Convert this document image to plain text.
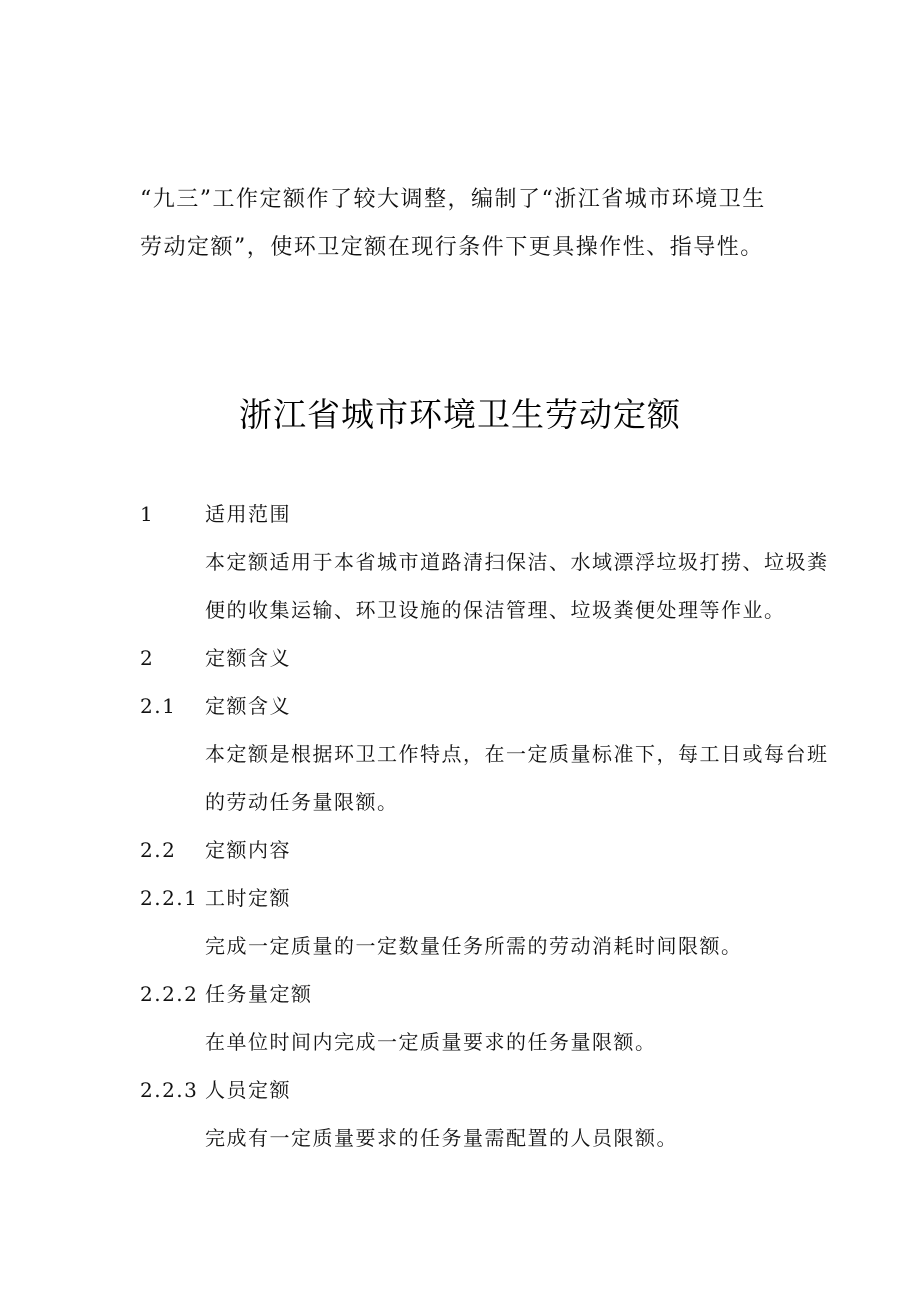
“九三”工作定额作了较大调整，编制了“浙江省城市环境卫生
劳动定额”，使环卫定额在现行条件下更具操作性、指导性。
浙江省城市环境卫生劳动定额
1	适用范围
本定额适用于本省城市道路清扫保洁、水域漂浮垃圾打捞、垃圾粪
便的收集运输、环卫设施的保洁管理、垃圾粪便处理等作业。
2	定额含义
2.1 定额含义
本定额是根据环卫工作特点，在一定质量标准下，每工日或每台班
的劳动任务量限额。
2.2 定额内容
2.2.1 工时定额
完成一定质量的一定数量任务所需的劳动消耗时间限额。
2.2.2 任务量定额
在单位时间内完成一定质量要求的任务量限额。
2.2.3 人员定额
完成有一定质量要求的任务量需配置的人员限额。
